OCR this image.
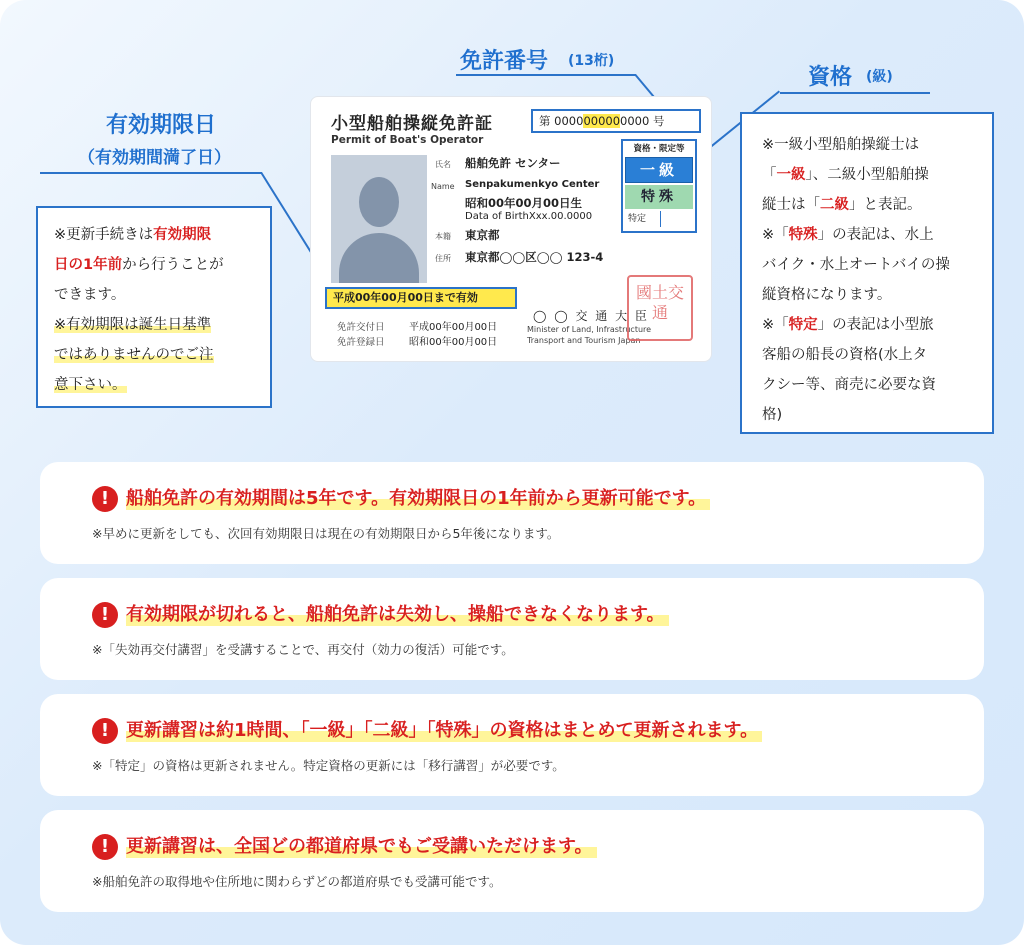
有効期限日
（有効期間満了日）
免許番号 (13桁)
資格 (級)
※更新手続きは有効期限
日の1年前から行うことが
できます。
※有効期限は誕生日基準
ではありませんのでご注
意下さい。
※一級小型船舶操縦士は
「一級」、二級小型船舶操
縦士は「二級」と表記。
※「特殊」の表記は、水上
バイク・水上オートバイの操
縦資格になります。
※「特定」の表記は小型旅
客船の船長の資格(水上タ
クシー等、商売に必要な資
格)
小型船舶操縦免許証
Permit of Boat's Operator
第 0000000000000 号
氏名 船舶免許 センター
Name Senpakumenkyo Center
昭和00年00月00日生
Data of BirthXxx.00.0000
本籍 東京都
住所 東京都◯◯区◯◯ 123-4
資格・限定等
一級
特殊
特定
平成00年00月00日まで有効
免許交付日 平成00年00月00日
免許登録日 昭和00年00月00日
◯ ◯ 交 通 大 臣
Minister of Land, Infrastructure
Transport and Tourism Japan
國土交通
! 船舶免許の有効期間は5年です。有効期限日の1年前から更新可能です。
※早めに更新をしても、次回有効期限日は現在の有効期限日から5年後になります。
! 有効期限が切れると、船舶免許は失効し、操船できなくなります。
※「失効再交付講習」を受講することで、再交付（効力の復活）可能です。
! 更新講習は約1時間、「一級」「二級」「特殊」の資格はまとめて更新されます。
※「特定」の資格は更新されません。特定資格の更新には「移行講習」が必要です。
! 更新講習は、全国どの都道府県でもご受講いただけます。
※船舶免許の取得地や住所地に関わらずどの都道府県でも受講可能です。
